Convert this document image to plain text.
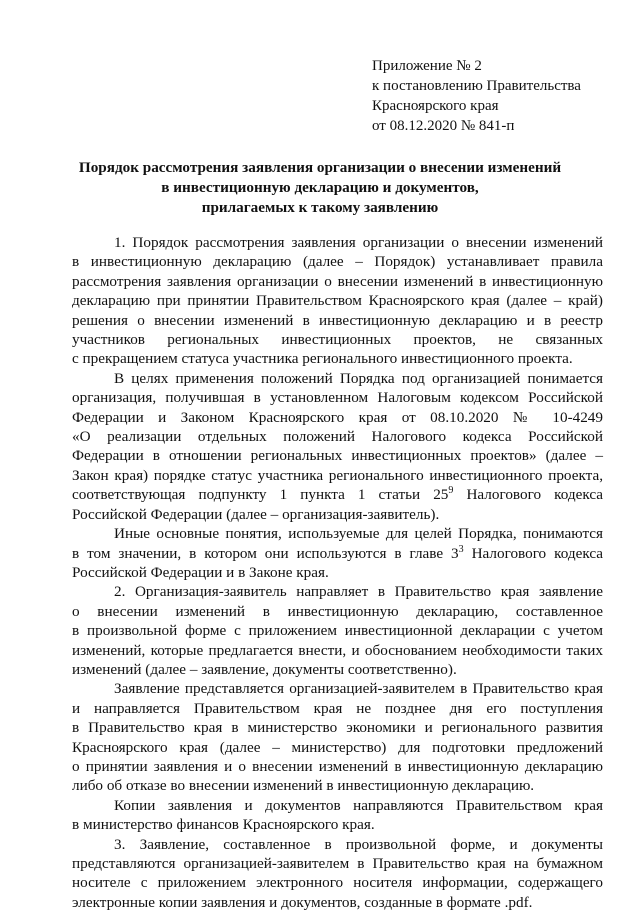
Приложение № 2
к постановлению Правительства
Красноярского края
от 08.12.2020 № 841-п
Порядок рассмотрения заявления организации о внесении изменений
в инвестиционную декларацию и документов,
прилагаемых к такому заявлению

1. Порядок рассмотрения заявления организации о внесении изменений
в инвестиционную декларацию (далее – Порядок) устанавливает правила
рассмотрения заявления организации о внесении изменений в инвестиционную
декларацию при принятии Правительством Красноярского края (далее – край)
решения о внесении изменений в инвестиционную декларацию и в реестр
участников региональных инвестиционных проектов, не связанных
с прекращением статуса участника регионального инвестиционного проекта.

В целях применения положений Порядка под организацией понимается
организация, получившая в установленном Налоговым кодексом Российской
Федерации и Законом Красноярского края от 08.10.2020 № 10-4249
«О реализации отдельных положений Налогового кодекса Российской
Федерации в отношении региональных инвестиционных проектов» (далее –
Закон края) порядке статус участника регионального инвестиционного проекта,
соответствующая подпункту 1 пункта 1 статьи $25^9$ Налогового кодекса
Российской Федерации (далее – организация-заявитель).

Иные основные понятия, используемые для целей Порядка, понимаются
в том значении, в котором они используются в главе $3^3$ Налогового кодекса
Российской Федерации и в Законе края.

2. Организация-заявитель направляет в Правительство края заявление
о внесении изменений в инвестиционную декларацию, составленное
в произвольной форме с приложением инвестиционной декларации с учетом
изменений, которые предлагается внести, и обоснованием необходимости таких
изменений (далее – заявление, документы соответственно).

Заявление представляется организацией-заявителем в Правительство края
и направляется Правительством края не позднее дня его поступления
в Правительство края в министерство экономики и регионального развития
Красноярского края (далее – министерство) для подготовки предложений
о принятии заявления и о внесении изменений в инвестиционную декларацию
либо об отказе во внесении изменений в инвестиционную декларацию.

Копии заявления и документов направляются Правительством края
в министерство финансов Красноярского края.

3. Заявление, составленное в произвольной форме, и документы
представляются организацией-заявителем в Правительство края на бумажном
носителе с приложением электронного носителя информации, содержащего
электронные копии заявления и документов, созданные в формате .pdf.
